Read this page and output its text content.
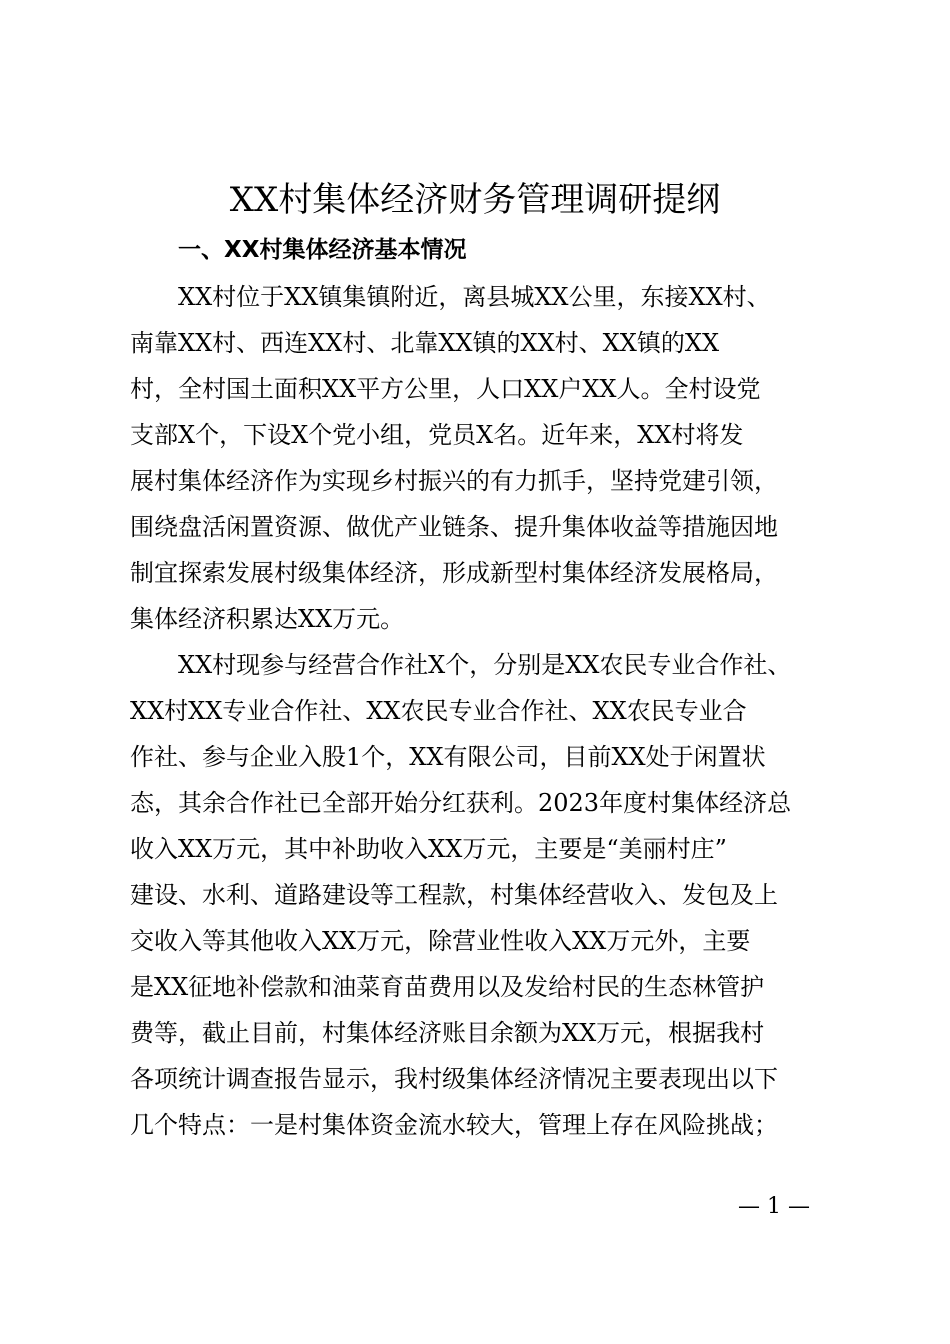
XX村集体经济财务管理调研提纲
一、XX村集体经济基本情况
XX村位于XX镇集镇附近，离县城XX公里，东接XX村、
南靠XX村、西连XX村、北靠XX镇的XX村、XX镇的XX
村，全村国土面积XX平方公里，人口XX户XX人。全村设党
支部X个，下设X个党小组，党员X名。近年来，XX村将发
展村集体经济作为实现乡村振兴的有力抓手，坚持党建引领，
围绕盘活闲置资源、做优产业链条、提升集体收益等措施因地
制宜探索发展村级集体经济，形成新型村集体经济发展格局，
集体经济积累达XX万元。
XX村现参与经营合作社X个，分别是XX农民专业合作社、
XX村XX专业合作社、XX农民专业合作社、XX农民专业合
作社、参与企业入股1个，XX有限公司，目前XX处于闲置状
态，其余合作社已全部开始分红获利。2023年度村集体经济总
收入XX万元，其中补助收入XX万元，主要是“美丽村庄”
建设、水利、道路建设等工程款，村集体经营收入、发包及上
交收入等其他收入XX万元，除营业性收入XX万元外，主要
是XX征地补偿款和油菜育苗费用以及发给村民的生态林管护
费等，截止目前，村集体经济账目余额为XX万元，根据我村
各项统计调查报告显示，我村级集体经济情况主要表现出以下
几个特点：一是村集体资金流水较大，管理上存在风险挑战；
— 1 —
